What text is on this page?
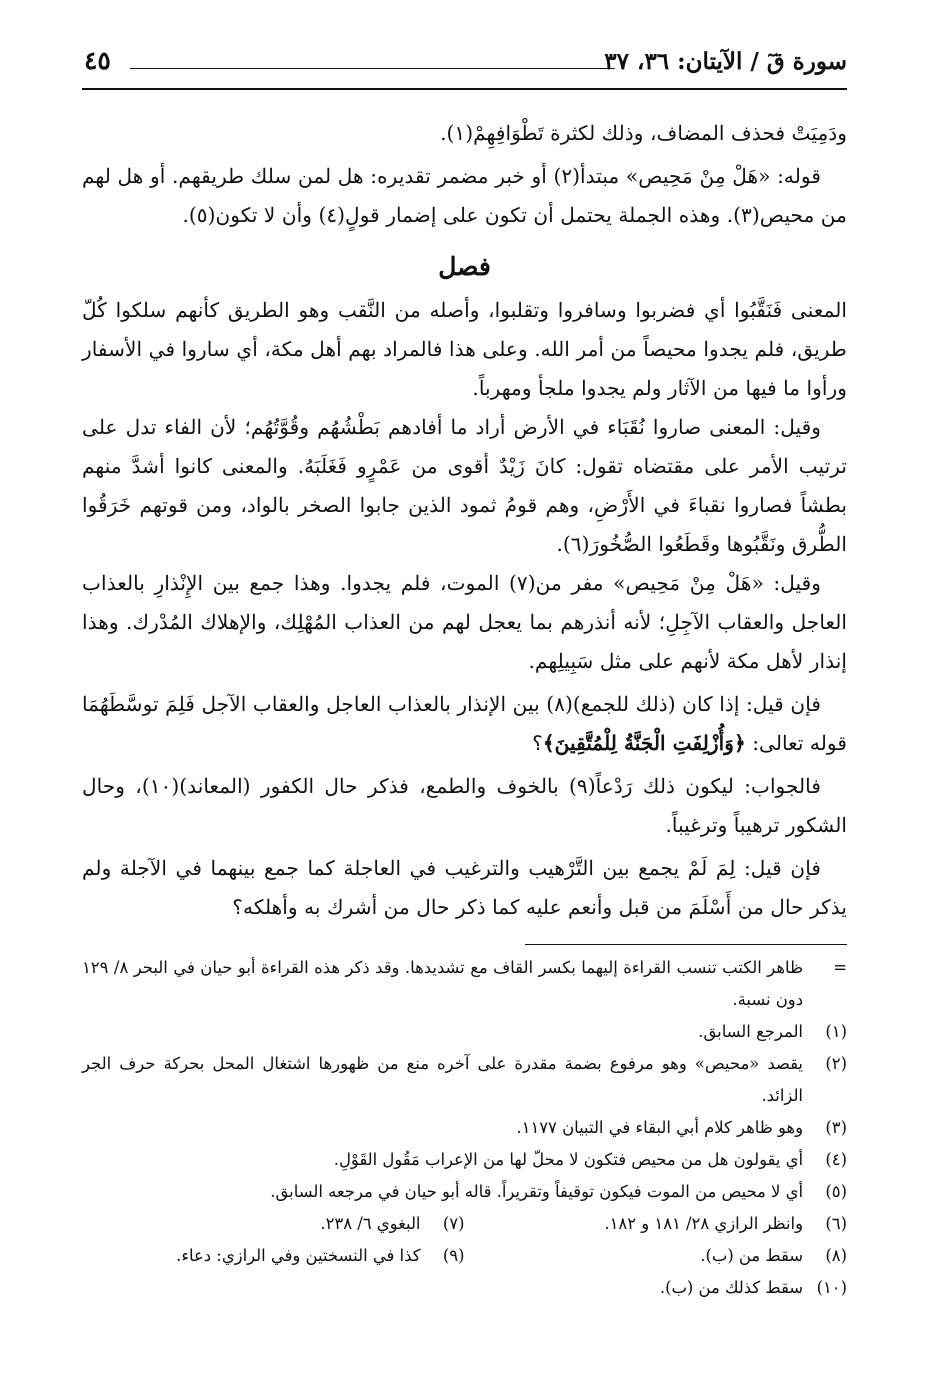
سورة قٓ / الآيتان: ٣٦، ٣٧
٤٥

ودَمِيَتْ فحذف المضاف، وذلك لكثرة تَطْوَافِهِمْ(١).

قوله: «هَلْ مِنْ مَحِيص» مبتدأ(٢) أو خبر مضمر تقديره: هل لمن سلك طريقهم. أو هل لهم من محيص(٣). وهذه الجملة يحتمل أن تكون على إضمار قولٍ(٤) وأن لا تكون(٥).

فصل

المعنى فَنَقَّبُوا أي فضربوا وسافروا وتقلبوا، وأصله من النَّقب وهو الطريق كأنهم سلكوا كُلّ طريق، فلم يجدوا محيصاً من أمر الله. وعلى هذا فالمراد بهم أهل مكة، أي ساروا في الأسفار ورأوا ما فيها من الآثار ولم يجدوا ملجأ ومهرباً.

وقيل: المعنى صاروا نُقَبَاء في الأرض أراد ما أفادهم بَطْشُهُم وقُوَّتُهُم؛ لأن الفاء تدل على ترتيب الأمر على مقتضاه تقول: كانَ زَيْدٌ أقوى من عَمْرٍو فَغَلَبَهُ. والمعنى كانوا أشدَّ منهم بطشاً فصاروا نقباءَ في الأَرْضِ، وهم قومُ ثمود الذين جابوا الصخر بالواد، ومن قوتهم خَرَقُوا الطُّرق ونَقَّبُوها وقَطَعُوا الصُّخُورَ(٦).

وقيل: «هَلْ مِنْ مَحِيص» مفر من(٧) الموت، فلم يجدوا. وهذا جمع بين الإِنْذارِ بالعذاب العاجل والعقاب الآجِلِ؛ لأنه أنذرهم بما يعجل لهم من العذاب المُهْلِك، والإهلاك المُدْرك. وهذا إنذار لأهل مكة لأنهم على مثل سَبِيلِهم.

فإن قيل: إذا كان (ذلك للجمع)(٨) بين الإنذار بالعذاب العاجل والعقاب الآجل فَلِمَ توسَّطَهُمَا قوله تعالى: ﴿وَأُزْلِفَتِ الْجَنَّةُ لِلْمُتَّقِينَ﴾؟

فالجواب: ليكون ذلك رَدْعاً(٩) بالخوف والطمع، فذكر حال الكفور (المعاند)(١٠)، وحال الشكور ترهيباً وترغيباً.

فإن قيل: لِمَ لَمْ يجمع بين التَّرْهيب والترغيب في العاجلة كما جمع بينهما في الآجلة ولم يذكر حال من أَسْلَمَ من قبل وأنعم عليه كما ذكر حال من أشرك به وأهلكه؟

=
ظاهر الكتب تنسب القراءة إليهما بكسر القاف مع تشديدها. وقد ذكر هذه القراءة أبو حيان في البحر ٨/ ١٢٩ دون نسبة.
(١)
المرجع السابق.
(٢)
يقصد «محيص» وهو مرفوع بضمة مقدرة على آخره منع من ظهورها اشتغال المحل بحركة حرف الجر الزائد.
(٣)
وهو ظاهر كلام أبي البقاء في التبيان ١١٧٧.
(٤)
أي يقولون هل من محيص فتكون لا محلّ لها من الإعراب مَقُول القَوْلِ.
(٥)
أي لا محيص من الموت فيكون توقيفاً وتقريراً. قاله أبو حيان في مرجعه السابق.
(٦)
وانظر الرازي ٢٨/ ١٨١ و ١٨٢.
(٧)
البغوي ٦/ ٢٣٨.
(٨)
سقط من (ب).
(٩)
كذا في النسختين وفي الرازي: دعاء.
(١٠)
سقط كذلك من (ب).
